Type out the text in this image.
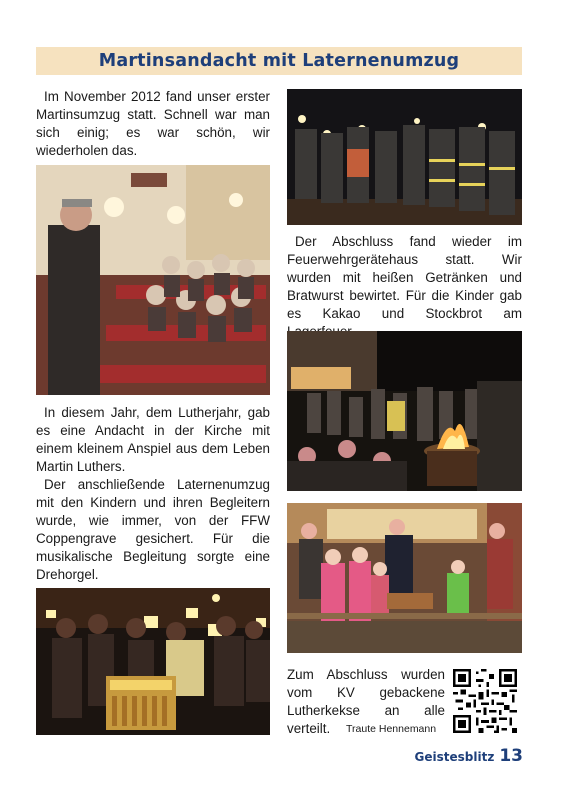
Martinsandacht mit Laternenumzug

Im November 2012 fand unser erster Martinsumzug statt. Schnell war man sich einig; es war schön, wir wiederholen das.

In diesem Jahr, dem Lutherjahr, gab es eine Andacht in der Kirche mit einem kleinem Anspiel aus dem Leben Martin Luthers.

Der anschließende Laternenumzug mit den Kindern und ihren Begleitern wurde, wie immer, von der FFW Coppengrave gesichert. Für die musikalische Begleitung sorgte eine Drehorgel.

Der Abschluss fand wieder im Feuerwehrgerätehaus statt. Wir wurden mit heißen Getränken und Bratwurst bewirtet. Für die Kinder gab es Kakao und Stockbrot am

Zum Abschluss wurden vom KV gebackene Lutherkekse an alle verteilt.	Traute Hennemann
Geistesblitz 13
